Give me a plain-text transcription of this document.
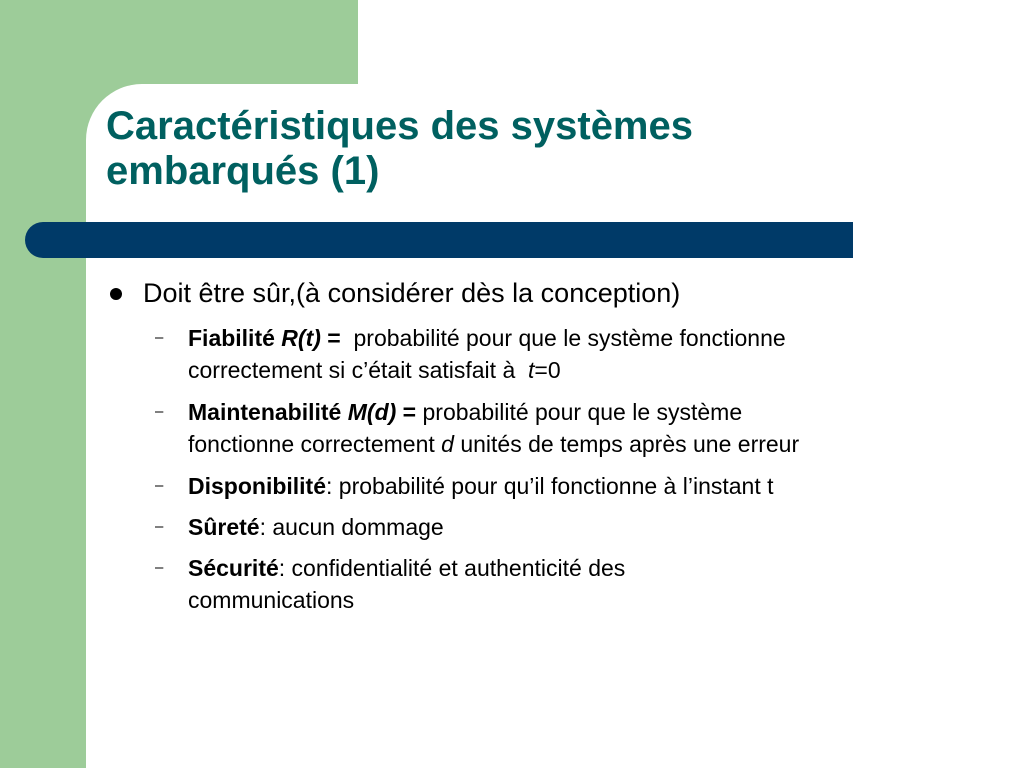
Caractéristiques des systèmes
embarqués (1)
Doit être sûr,(à considérer dès la conception)
–	Fiabilité R(t) = probabilité pour que le système fonctionne
correctement si c’était satisfait à t=0
–	Maintenabilité M(d) = probabilité pour que le système
fonctionne correctement d unités de temps après une erreur
–	Disponibilité: probabilité pour qu’il fonctionne à l’instant t
–	Sûreté: aucun dommage
–	Sécurité: confidentialité et authenticité des
communications
